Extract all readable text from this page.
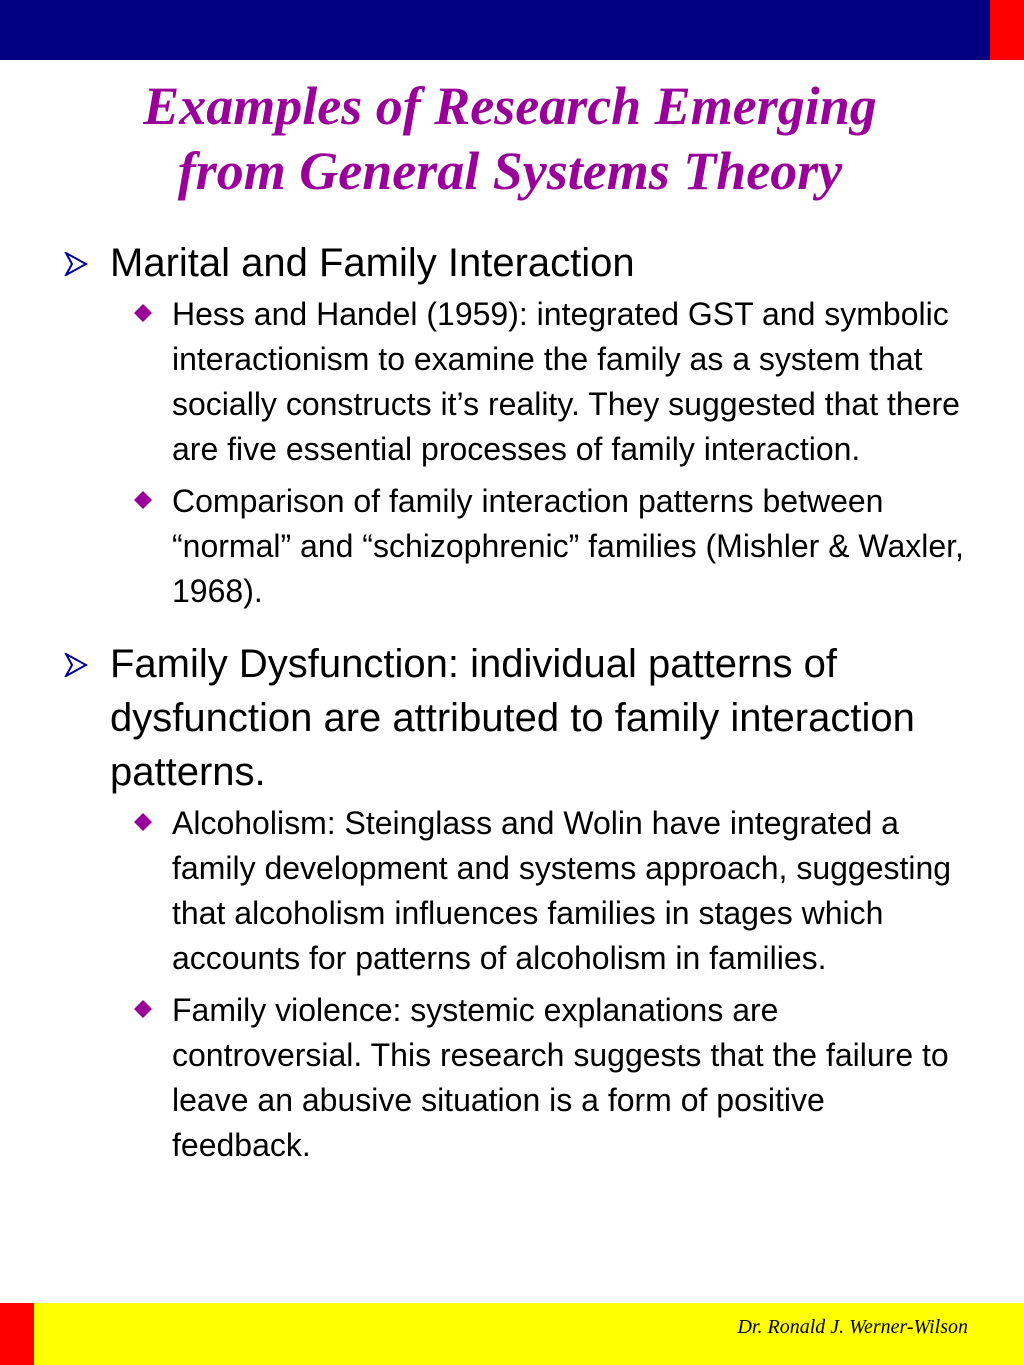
Examples of Research Emerging
from General Systems Theory
Marital and Family Interaction
Hess and Handel (1959): integrated GST and symbolic interactionism to examine the family as a system that socially constructs it’s reality. They suggested that there are five essential processes of family interaction.
Comparison of family interaction patterns between “normal” and “schizophrenic” families (Mishler & Waxler, 1968).
Family Dysfunction: individual patterns of dysfunction are attributed to family interaction patterns.
Alcoholism: Steinglass and Wolin have integrated a family development and systems approach, suggesting that alcoholism influences families in stages which accounts for patterns of alcoholism in families.
Family violence: systemic explanations are controversial. This research suggests that the failure to leave an abusive situation is a form of positive feedback.
Dr. Ronald J. Werner-Wilson
